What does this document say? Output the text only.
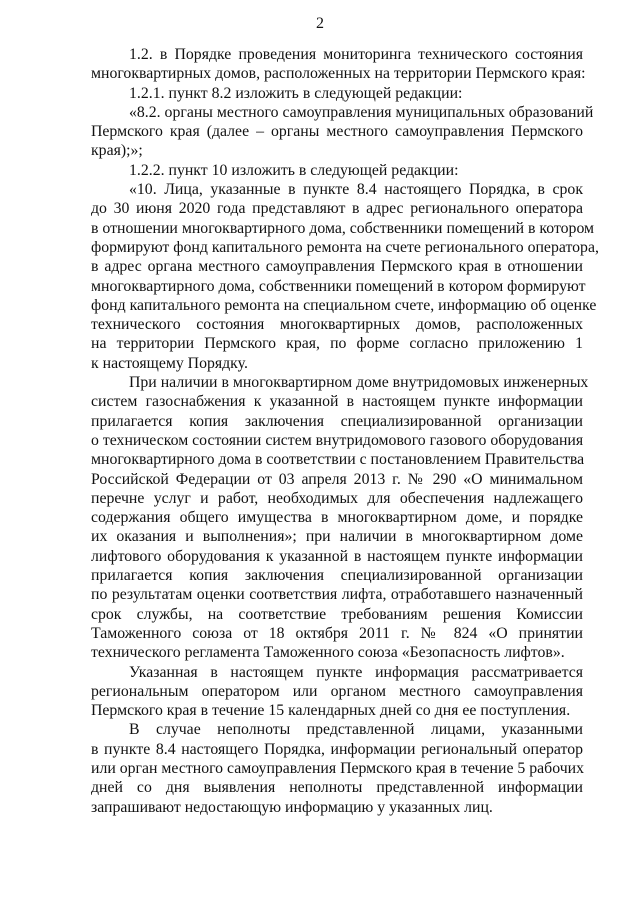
2
1.2. в Порядке проведения мониторинга технического состояния
многоквартирных домов, расположенных на территории Пермского края:
1.2.1. пункт 8.2 изложить в следующей редакции:
«8.2. органы местного самоуправления муниципальных образований
Пермского края (далее – органы местного самоуправления Пермского
края);»;
1.2.2. пункт 10 изложить в следующей редакции:
«10. Лица, указанные в пункте 8.4 настоящего Порядка, в срок
до 30 июня 2020 года представляют в адрес регионального оператора
в отношении многоквартирного дома, собственники помещений в котором
формируют фонд капитального ремонта на счете регионального оператора,
в адрес органа местного самоуправления Пермского края в отношении
многоквартирного дома, собственники помещений в котором формируют
фонд капитального ремонта на специальном счете, информацию об оценке
технического состояния многоквартирных домов, расположенных
на территории Пермского края, по форме согласно приложению 1
к настоящему Порядку.
При наличии в многоквартирном доме внутридомовых инженерных
систем газоснабжения к указанной в настоящем пункте информации
прилагается копия заключения специализированной организации
о техническом состоянии систем внутридомового газового оборудования
многоквартирного дома в соответствии с постановлением Правительства
Российской Федерации от 03 апреля 2013 г. № 290 «О минимальном
перечне услуг и работ, необходимых для обеспечения надлежащего
содержания общего имущества в многоквартирном доме, и порядке
их оказания и выполнения»; при наличии в многоквартирном доме
лифтового оборудования к указанной в настоящем пункте информации
прилагается копия заключения специализированной организации
по результатам оценки соответствия лифта, отработавшего назначенный
срок службы, на соответствие требованиям решения Комиссии
Таможенного союза от 18 октября 2011 г. № 824 «О принятии
технического регламента Таможенного союза «Безопасность лифтов».
Указанная в настоящем пункте информация рассматривается
региональным оператором или органом местного самоуправления
Пермского края в течение 15 календарных дней со дня ее поступления.
В случае неполноты представленной лицами, указанными
в пункте 8.4 настоящего Порядка, информации региональный оператор
или орган местного самоуправления Пермского края в течение 5 рабочих
дней со дня выявления неполноты представленной информации
запрашивают недостающую информацию у указанных лиц.
